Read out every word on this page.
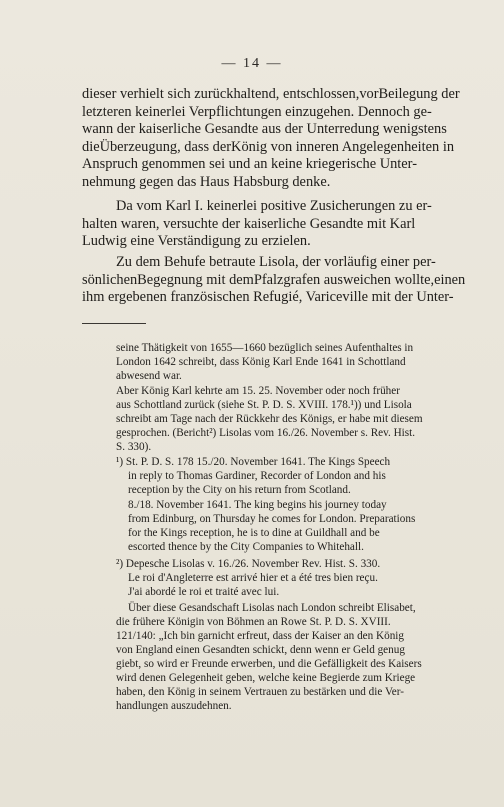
— 14 —
dieser verhielt sich zurückhaltend, entschlossen,vorBeilegung der
letzteren keinerlei Verpflichtungen einzugehen. Dennoch ge-
wann der kaiserliche Gesandte aus der Unterredung wenigstens
dieÜberzeugung, dass derKönig von inneren Angelegenheiten in
Anspruch genommen sei und an keine kriegerische Unter-
nehmung gegen das Haus Habsburg denke.
Da vom Karl I. keinerlei positive Zusicherungen zu er-
halten waren, versuchte der kaiserliche Gesandte mit Karl
Ludwig eine Verständigung zu erzielen.
Zu dem Behufe betraute Lisola, der vorläufig einer per-
sönlichenBegegnung mit demPfalzgrafen ausweichen wollte,einen
ihm ergebenen französischen Refugié, Variceville mit der Unter-
seine Thätigkeit von 1655—1660 bezüglich seines Aufenthaltes in
London 1642 schreibt, dass König Karl Ende 1641 in Schottland
abwesend war.
Aber König Karl kehrte am 15. 25. November oder noch früher
aus Schottland zurück (siehe St. P. D. S. XVIII. 178.¹)) und Lisola
schreibt am Tage nach der Rückkehr des Königs, er habe mit diesem
gesprochen. (Bericht²) Lisolas vom 16./26. November s. Rev. Hist.
S. 330).
¹) St. P. D. S. 178 15./20. November 1641. The Kings Speech
in reply to Thomas Gardiner, Recorder of London and his
reception by the City on his return from Scotland.
8./18. November 1641. The king begins his journey today
from Edinburg, on Thursday he comes for London. Preparations
for the Kings reception, he is to dine at Guildhall and be
escorted thence by the City Companies to Whitehall.
²) Depesche Lisolas v. 16./26. November Rev. Hist. S. 330.
Le roi d'Angleterre est arrivé hier et a été tres bien reçu.
J'ai abordé le roi et traité avec lui.
Über diese Gesandschaft Lisolas nach London schreibt Elisabet,
die frühere Königin von Böhmen an Rowe St. P. D. S. XVIII.
121/140: „Ich bin garnicht erfreut, dass der Kaiser an den König
von England einen Gesandten schickt, denn wenn er Geld genug
giebt, so wird er Freunde erwerben, und die Gefälligkeit des Kaisers
wird denen Gelegenheit geben, welche keine Begierde zum Kriege
haben, den König in seinem Vertrauen zu bestärken und die Ver-
handlungen auszudehnen.
